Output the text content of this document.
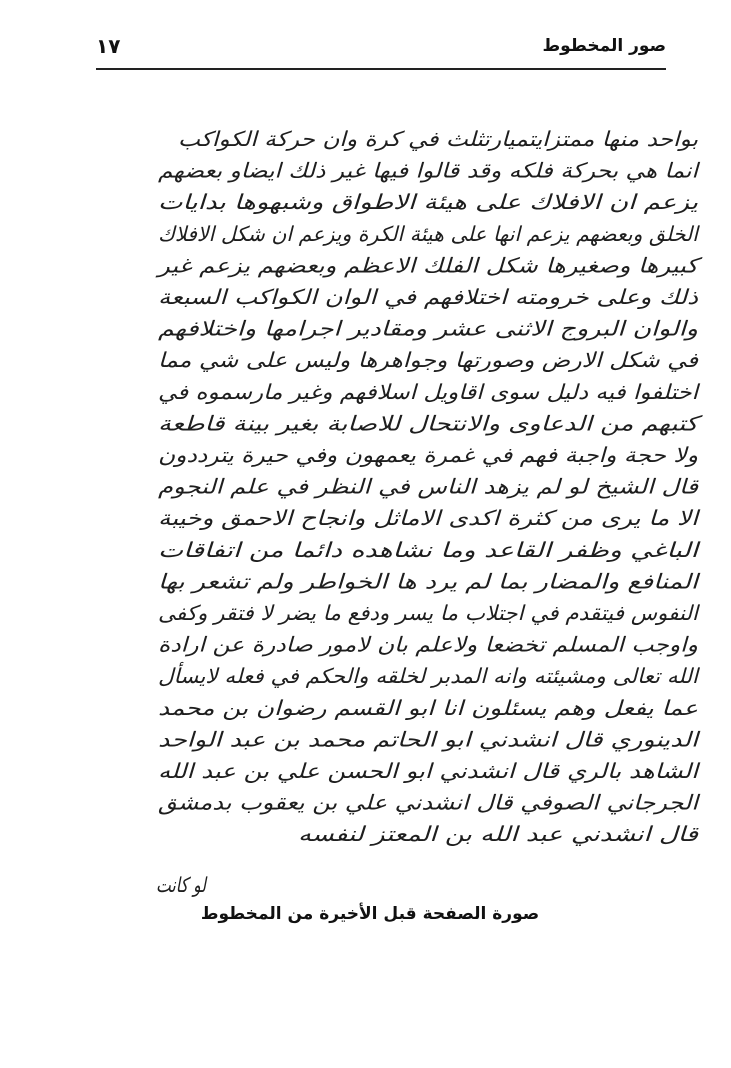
١٧	صور المخطوط
بواحد منها ممتزايتميارتثلث في كرة وان حركة الكواكب
انما هي بحركة فلكه وقد قالوا فيها غير ذلك ايضاو بعضهم
يزعم ان الافلاك على هيئة الاطواق وشبهوها بدايات
الخلق وبعضهم يزعم انها على هيئة الكرة ويزعم ان شكل الافلاك
كبيرها وصغيرها شكل الفلك الاعظم وبعضهم يزعم غير
ذلك وعلى خرومته اختلافهم في الوان الكواكب السبعة
والوان البروج الاثنى عشر ومقادير اجرامها واختلافهم
في شكل الارض وصورتها وجواهرها وليس على شي مما
اختلفوا فيه دليل سوى اقاويل اسلافهم وغير مارسموه في
كتبهم من الدعاوى والانتحال للاصابة بغير بينة قاطعة
ولا حجة واجبة فهم في غمرة يعمهون وفي حيرة يترددون
قال الشيخ لو لم يزهد الناس في النظر في علم النجوم
الا ما يرى من كثرة اكدى الاماثل وانجاح الاحمق وخيبة
الباغي وظفر القاعد وما نشاهده دائما من اتفاقات
المنافع والمضار بما لم يرد ها الخواطر ولم تشعر بها
النفوس فيتقدم في اجتلاب ما يسر ودفع ما يضر لا فتقر وكفى
واوجب المسلم تخضعا ولاعلم بان لامور صادرة عن ارادة
الله تعالى ومشيئته وانه المدبر لخلقه والحكم في فعله لايسأل
عما يفعل وهم يسئلون انا ابو القسم رضوان بن محمد
الدينوري قال انشدني ابو الحاتم محمد بن عبد الواحد
الشاهد بالري قال انشدني ابو الحسن علي بن عبد الله
الجرجاني الصوفي قال انشدني علي بن يعقوب بدمشق
قال انشدني عبد الله بن المعتز لنفسه
لو كانت
صورة الصفحة قبل الأخيرة من المخطوط
